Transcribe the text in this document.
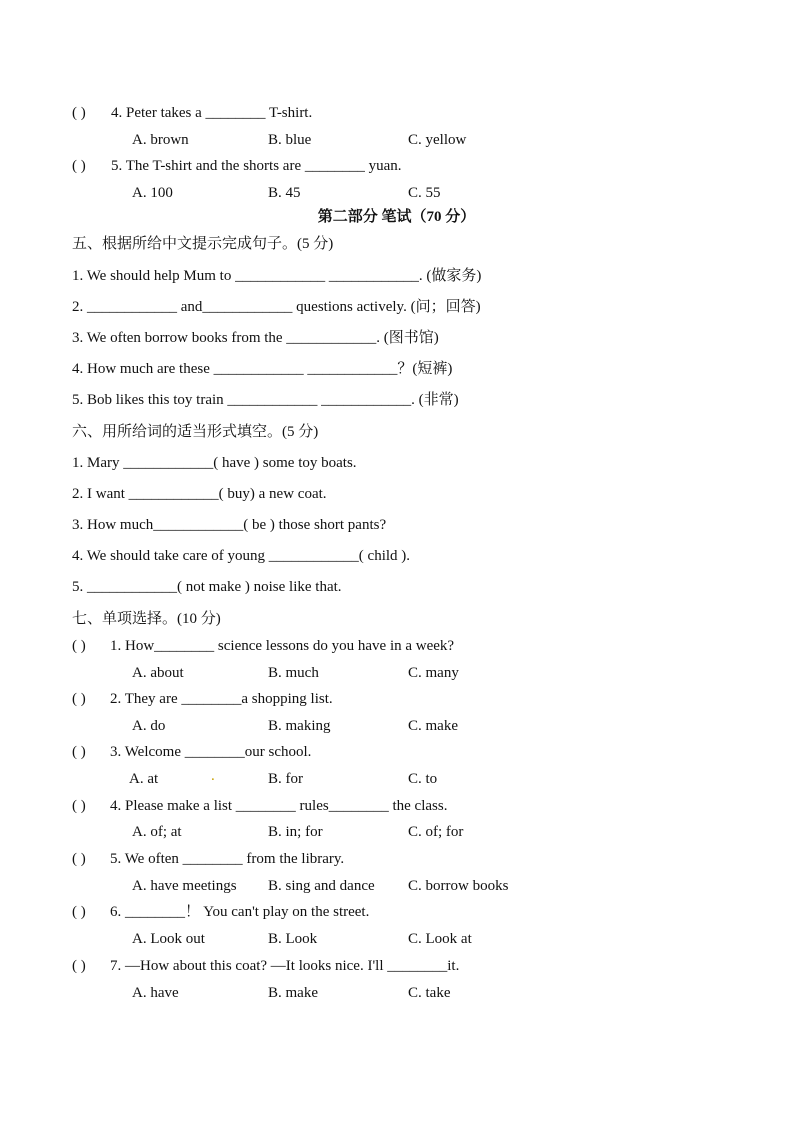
( ) 4. Peter takes a ________ T-shirt.
A. brown	B. blue	C. yellow
( ) 5. The T-shirt and the shorts are ________ yuan.
A. 100	B. 45	C. 55
第二部分 笔试（70 分）
五、根据所给中文提示完成句子。(5 分)
1. We should help Mum to ____________ ____________. (做家务)
2. ____________ and____________ questions actively. (问；回答)
3. We often borrow books from the ____________. (图书馆)
4. How much are these ____________ ____________？(短裤)
5. Bob likes this toy train ____________ ____________. (非常)
六、用所给词的适当形式填空。(5 分)
1. Mary ____________( have ) some toy boats.
2. I want ____________( buy) a new coat.
3. How much____________( be ) those short pants?
4. We should take care of young ____________( child ).
5. ____________( not make ) noise like that.
七、单项选择。(10 分)
( ) 1. How________ science lessons do you have in a week?
A. about	B. much	C. many
( ) 2. They are ________a shopping list.
A. do	B. making	C. make
( ) 3. Welcome ________our school.
A. at	.	B. for	C. to
( ) 4. Please make a list ________ rules________ the class.
A. of; at	B. in; for	C. of; for
( ) 5. We often ________ from the library.
A. have meetings B. sing and dance C. borrow books
( ) 6. ________！ You can't play on the street.
A. Look out	B. Look	C. Look at
( ) 7. —How about this coat? —It looks nice. I'll ________it.
A. have	B. make	C. take
